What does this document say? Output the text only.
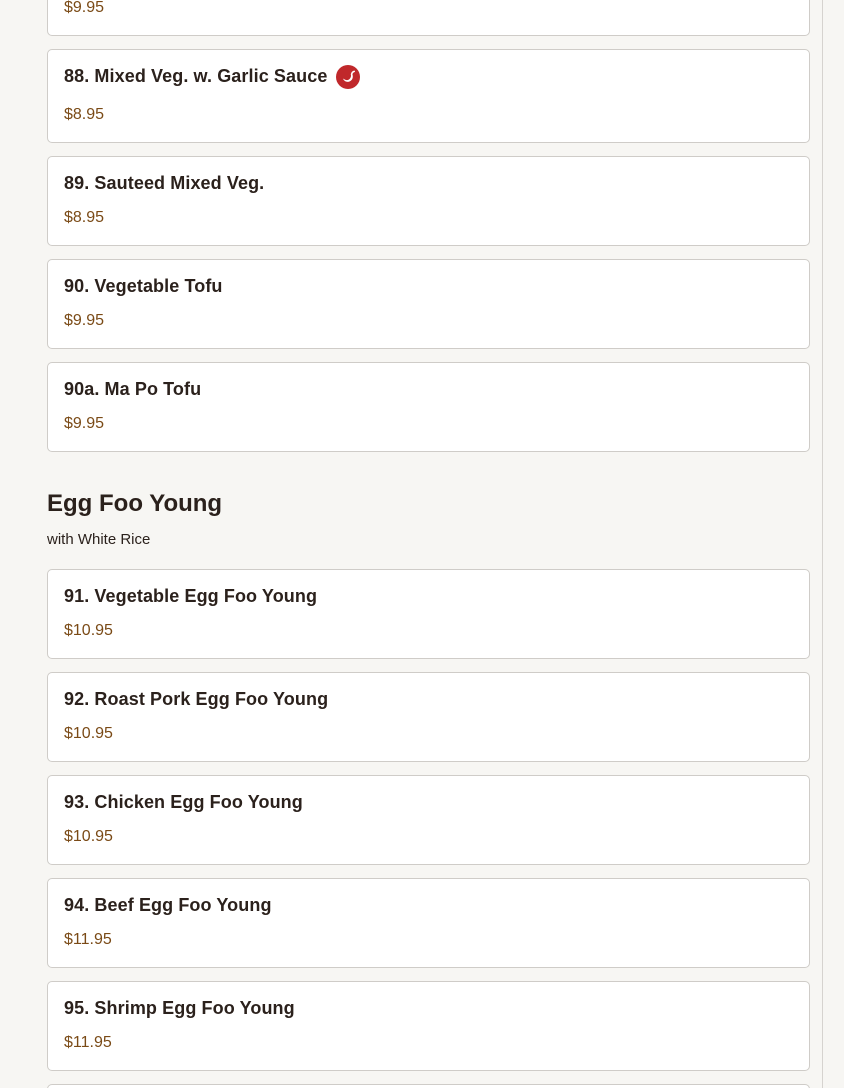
$9.95
88. Mixed Veg. w. Garlic Sauce
$8.95
89. Sauteed Mixed Veg.
$8.95
90. Vegetable Tofu
$9.95
90a. Ma Po Tofu
$9.95
Egg Foo Young
with White Rice
91. Vegetable Egg Foo Young
$10.95
92. Roast Pork Egg Foo Young
$10.95
93. Chicken Egg Foo Young
$10.95
94. Beef Egg Foo Young
$11.95
95. Shrimp Egg Foo Young
$11.95
